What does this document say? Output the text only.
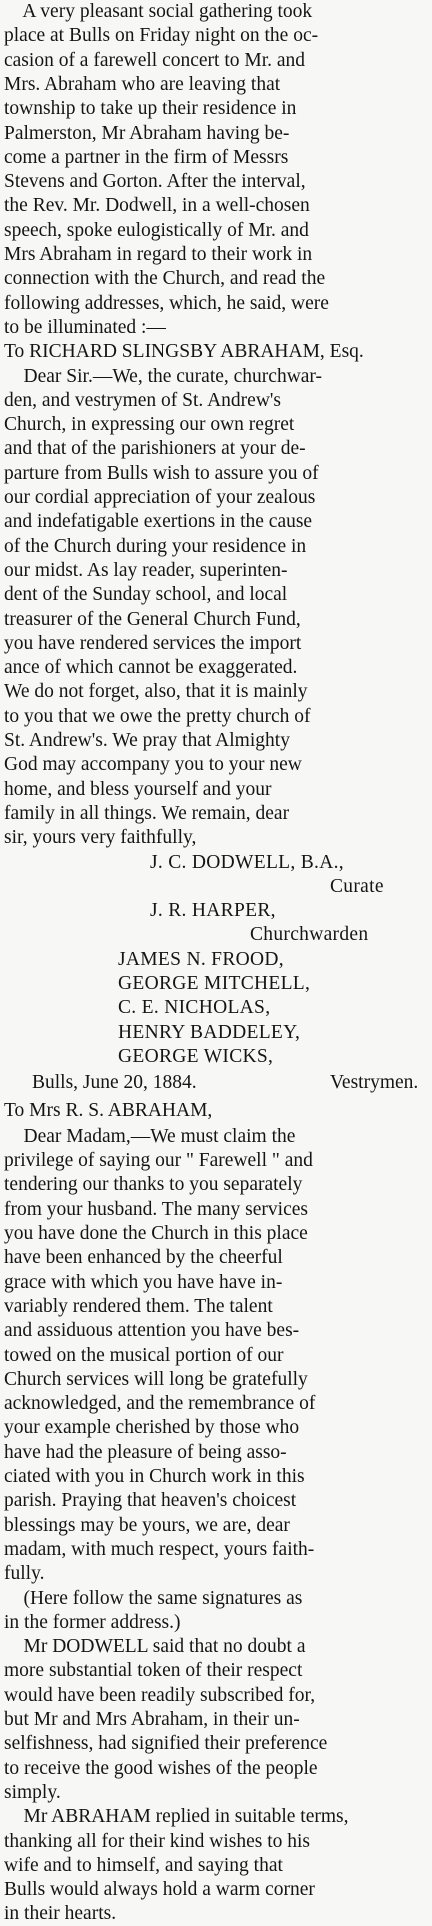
A very pleasant social gathering took
place at Bulls on Friday night on the oc-
casion of a farewell concert to Mr. and
Mrs. Abraham who are leaving that
township to take up their residence in
Palmerston, Mr Abraham having be-
come a partner in the firm of Messrs
Stevens and Gorton. After the interval,
the Rev. Mr. Dodwell, in a well-chosen
speech, spoke eulogistically of Mr. and
Mrs Abraham in regard to their work in
connection with the Church, and read the
following addresses, which, he said, were
to be illuminated :—
To RICHARD SLINGSBY ABRAHAM, Esq.
Dear Sir.—We, the curate, churchwar-
den, and vestrymen of St. Andrew's
Church, in expressing our own regret
and that of the parishioners at your de-
parture from Bulls wish to assure you of
our cordial appreciation of your zealous
and indefatigable exertions in the cause
of the Church during your residence in
our midst. As lay reader, superinten-
dent of the Sunday school, and local
treasurer of the General Church Fund,
you have rendered services the import
ance of which cannot be exaggerated.
We do not forget, also, that it is mainly
to you that we owe the pretty church of
St. Andrew's. We pray that Almighty
God may accompany you to your new
home, and bless yourself and your
family in all things. We remain, dear
sir, yours very faithfully,
J. C. DODWELL, B.A.,
Curate
J. R. HARPER,
Churchwarden
JAMES N. FROOD,
GEORGE MITCHELL,
C. E. NICHOLAS,
HENRY BADDELEY,
GEORGE WICKS,
Bulls, June 20, 1884.	Vestrymen.
To Mrs R. S. ABRAHAM,
Dear Madam,—We must claim the
privilege of saying our " Farewell " and
tendering our thanks to you separately
from your husband. The many services
you have done the Church in this place
have been enhanced by the cheerful
grace with which you have have in-
variably rendered them. The talent
and assiduous attention you have bes-
towed on the musical portion of our
Church services will long be gratefully
acknowledged, and the remembrance of
your example cherished by those who
have had the pleasure of being asso-
ciated with you in Church work in this
parish. Praying that heaven's choicest
blessings may be yours, we are, dear
madam, with much respect, yours faith-
fully.
(Here follow the same signatures as
in the former address.)
Mr DODWELL said that no doubt a
more substantial token of their respect
would have been readily subscribed for,
but Mr and Mrs Abraham, in their un-
selfishness, had signified their preference
to receive the good wishes of the people
simply.
Mr ABRAHAM replied in suitable terms,
thanking all for their kind wishes to his
wife and to himself, and saying that
Bulls would always hold a warm corner
in their hearts.
